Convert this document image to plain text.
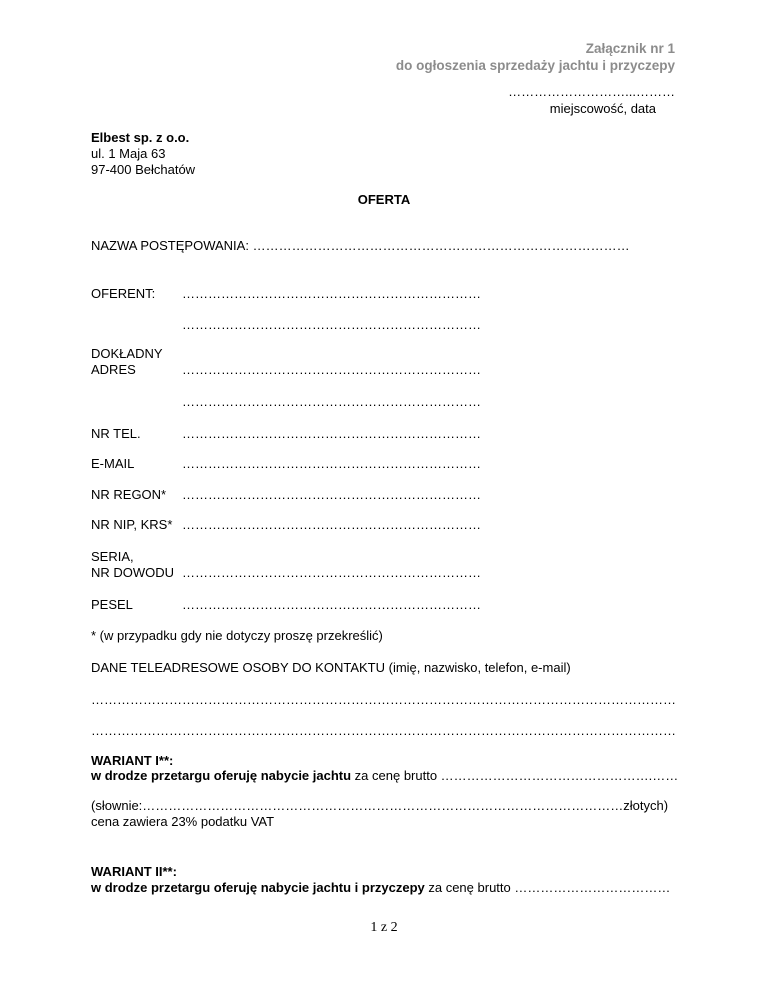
Załącznik nr 1
do ogłoszenia sprzedaży jachtu i przyczepy
………………………...………
miejscowość, data
Elbest sp. z o.o.
ul. 1 Maja 63
97-400 Bełchatów
OFERTA
NAZWA POSTĘPOWANIA: ……………………………………………………………………………
OFERENT: ……………………………………………………………
……………………………………………………………
DOKŁADNY
ADRES	……………………………………………………………
……………………………………………………………
NR TEL.	……………………………………………………………
E-MAIL	……………………………………………………………
NR REGON* ……………………………………………………………
NR NIP, KRS* ……………………………………………………………
SERIA,
NR DOWODU ……………………………………………………………
PESEL	……………………………………………………………
* (w przypadku gdy nie dotyczy proszę przekreślić)
DANE TELEADRESOWE OSOBY DO KONTAKTU (imię, nazwisko, telefon, e-mail)
………………………………………………………………………………………………………………………
………………………………………………………………………………………………………………………
WARIANT I**:
w drodze przetargu oferuję nabycie jachtu za cenę brutto ………………………………………….……
(słownie:…………………………………………………………………………………………………złotych)
cena zawiera 23% podatku VAT
WARIANT II**:
w drodze przetargu oferuję nabycie jachtu i przyczepy za cenę brutto ………………………………
1 z 2
